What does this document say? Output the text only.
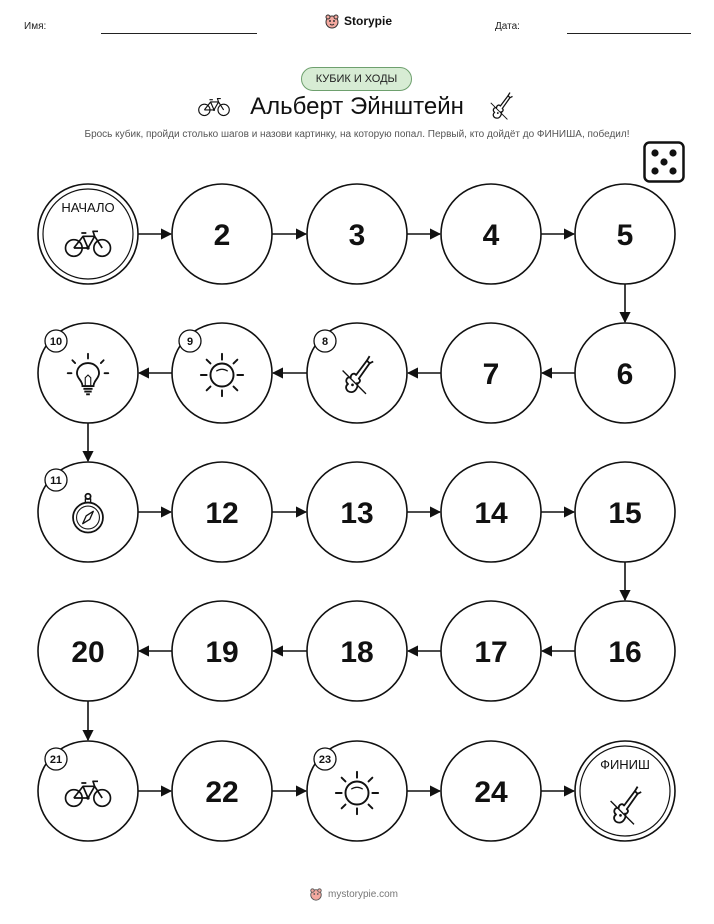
Имя:	Storypie	Дата:
КУБИК И ХОДЫ
Альберт Эйнштейн
Брось кубик, пройди столько шагов и назови картинку, на которую попал. Первый, кто дойдёт до ФИНИША, победил!
НАЧАЛО
2	3	4	5
6
7
8
9
10
11
12	13	14	15
16
17
18
19
20
21
22
23
24
ФИНИШ
mystorypie.com
